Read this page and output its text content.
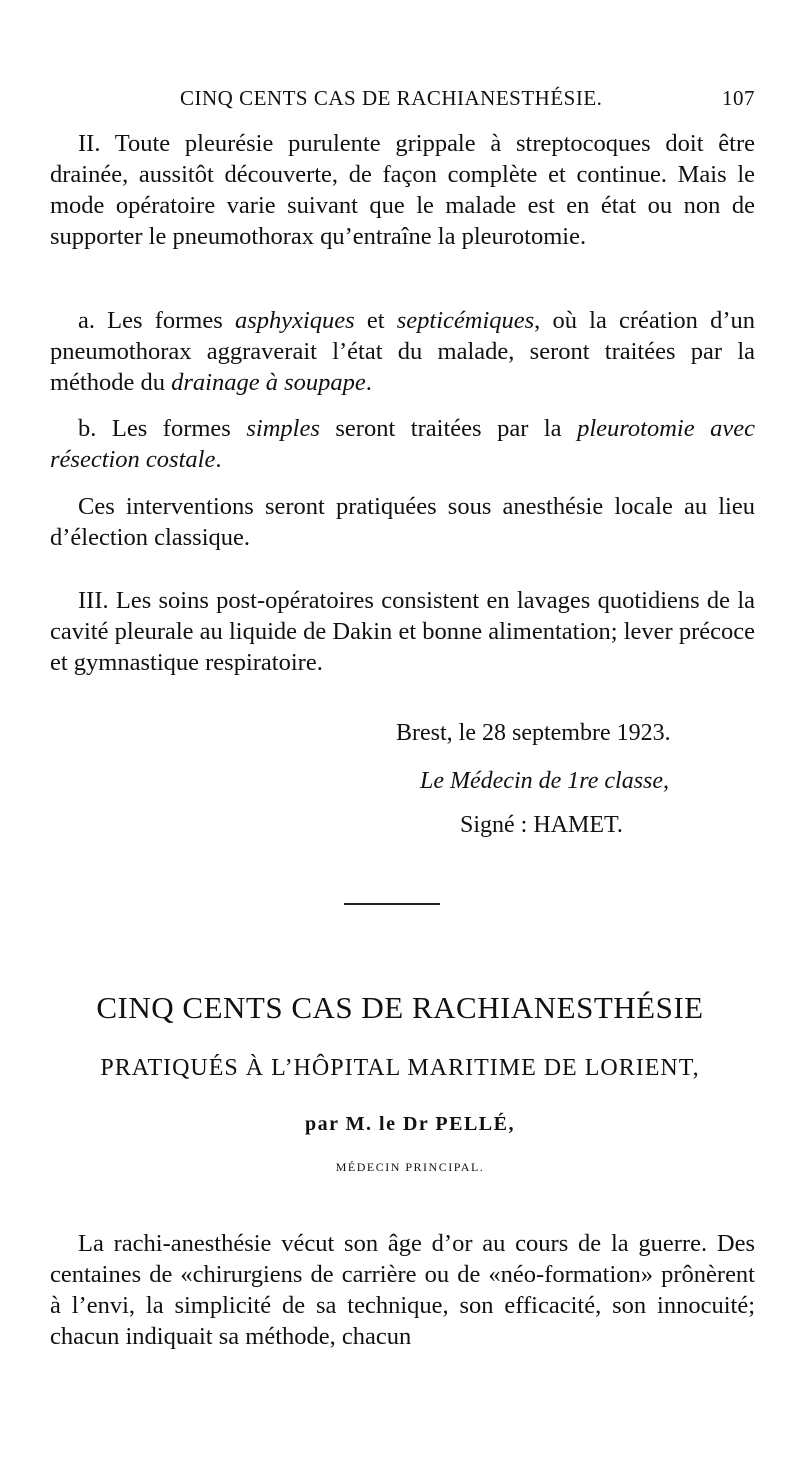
CINQ CENTS CAS DE RACHIANESTHÉSIE.	107

II. Toute pleurésie purulente grippale à streptocoques doit être drainée, aussitôt découverte, de façon complète et continue. Mais le mode opératoire varie suivant que le malade est en état ou non de supporter le pneumothorax qu’entraîne la pleurotomie.

a. Les formes asphyxiques et septicémiques, où la création d’un pneumothorax aggraverait l’état du malade, seront traitées par la méthode du drainage à soupape.

b. Les formes simples seront traitées par la pleurotomie avec résection costale.

Ces interventions seront pratiquées sous anesthésie locale au lieu d’élection classique.

III. Les soins post-opératoires consistent en lavages quotidiens de la cavité pleurale au liquide de Dakin et bonne alimentation; lever précoce et gymnastique respiratoire.

Brest, le 28 septembre 1923.
Le Médecin de 1re classe,
Signé : HAMET.
CINQ CENTS CAS DE RACHIANESTHÉSIE
PRATIQUÉS À L’HÔPITAL MARITIME DE LORIENT,
par M. le Dr PELLÉ,
MÉDECIN PRINCIPAL.

La rachi-anesthésie vécut son âge d’or au cours de la guerre. Des centaines de «chirurgiens de carrière ou de «néo-formation» prônèrent à l’envi, la simplicité de sa technique, son efficacité, son innocuité; chacun indiquait sa méthode, chacun
